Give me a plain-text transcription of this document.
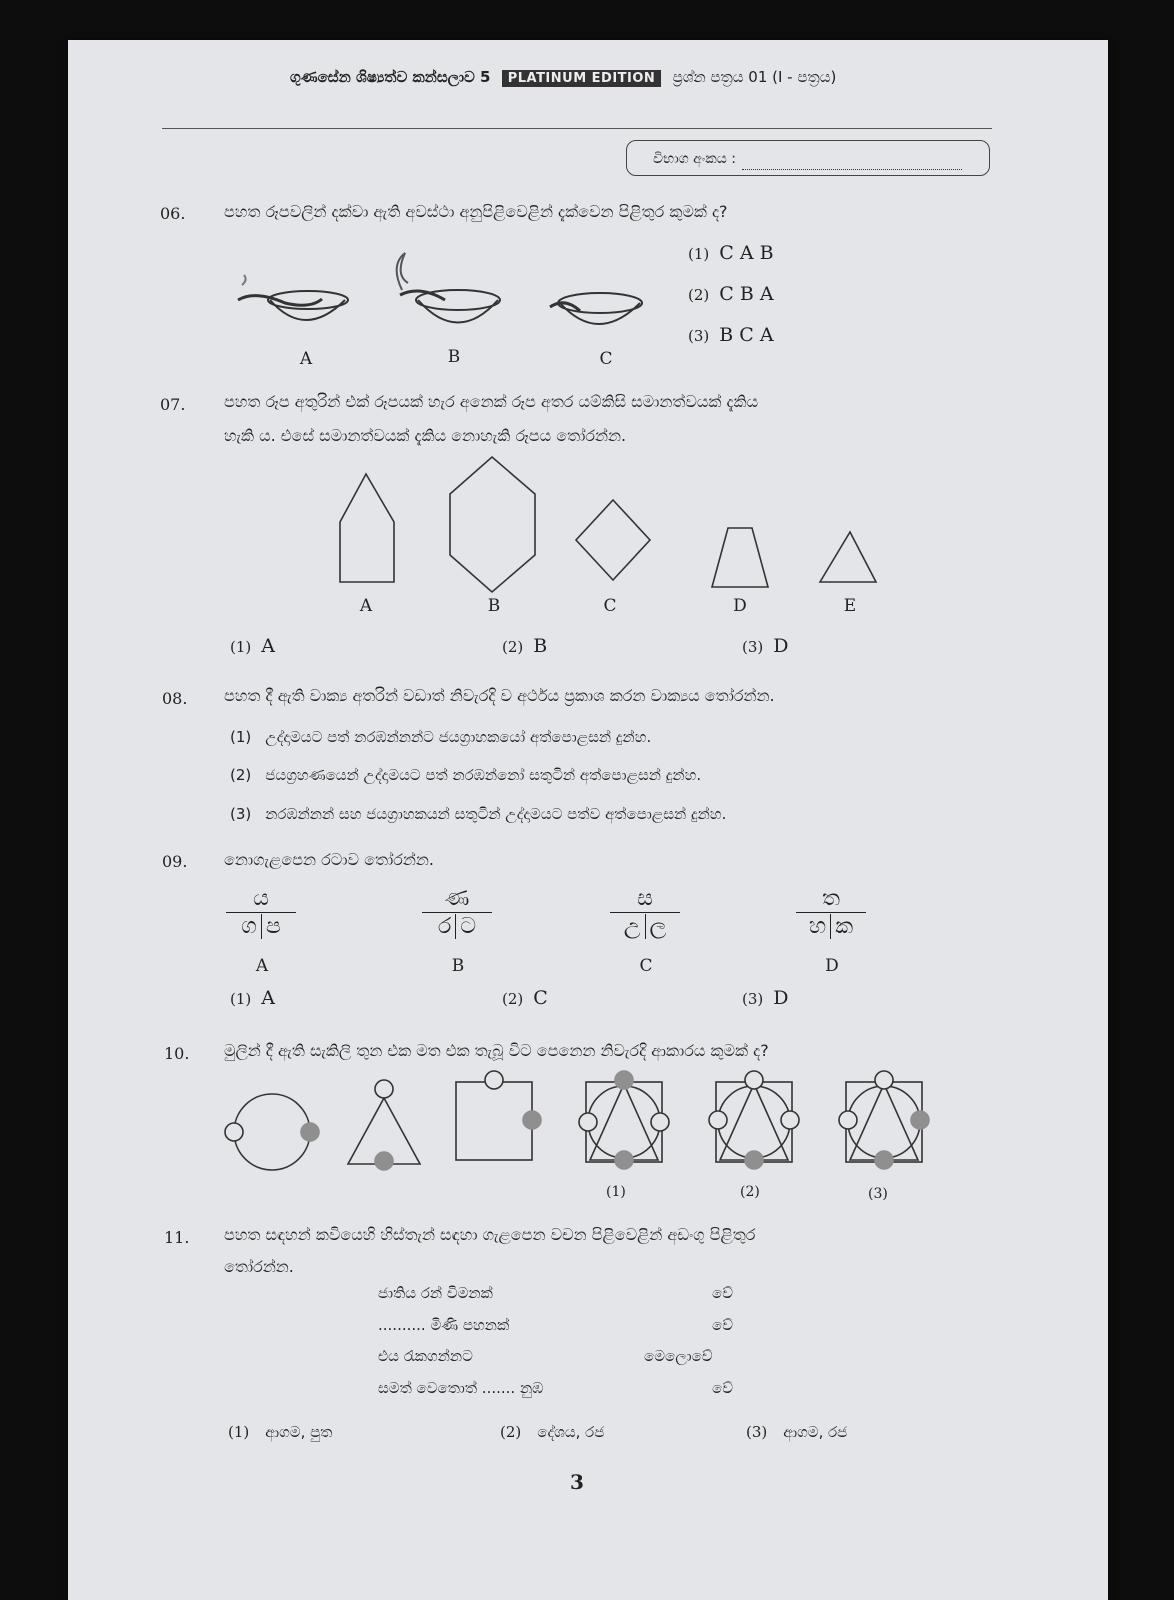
ගුණසේන ශිෂ්‍යත්ව කන්සලාව 5 PLATINUM EDITION ප්‍රශ්න පත්‍රය 01 (I - පත්‍රය)
විභාග අංකය :
06. පහත රූපවලින් දක්වා ඇති අවස්ථා අනුපිළිවෙළින් දැක්වෙන පිළිතුර කුමක් ද?
A	B	C
(1) C A B
(2) C B A
(3) B C A
07. පහත රූප අතුරින් එක් රූපයක් හැර අනෙක් රූප අතර යම්කිසි සමානත්වයක් දැකිය
හැකි ය. එසේ සමානත්වයක් දැකිය නොහැකි රූපය තෝරන්න.
A	B	C	D	E
(1) A	(2) B	(3) D
08. පහත දී ඇති වාක්‍ය අතරින් වඩාත් නිවැරදි ව අර්ථය ප්‍රකාශ කරන වාක්‍යය තෝරන්න.
(1) උද්දාමයට පත් නරඹන්නන්ට ජයග්‍රාහකයෝ අත්පොළසන් දුන්හ.
(2) ජයග්‍රහණයෙන් උද්දාමයට පත් නරඹන්නෝ සතුටින් අත්පොළසන් දුන්හ.
(3) නරඹන්නන් සහ ජයග්‍රාහකයන් සතුටින් උද්දාමයට පත්ව අත්පොළසන් දුන්හ.
09. නොගැළපෙන රටාව තෝරන්න.
ය
ග ප
ණ
ර ට
ස
උ ල
ත
හ ක
A	B	C	D
(1) A	(2) C	(3) D
10. මුලින් දී ඇති සැකිලි තුන එක මත එක තැබූ විට පෙනෙන නිවැරදි ආකාරය කුමක් ද?
(1)	(2)	(3)
11. පහත සඳහන් කවියෙහි හිස්තැන් සඳහා ගැළපෙන වචන පිළිවෙළින් අඩංගු පිළිතුර
තෝරන්න.
ජාතිය රන් විමනක්	වේ
.......... මිණි පහනක්	වේ
එය රැකගන්නට	මෙලොවේ
සමත් වෙතොත් ....... නුඹ	වේ
(1) ආගම, පුත	(2) දේශය, රජ	(3) ආගම, රජ
3
